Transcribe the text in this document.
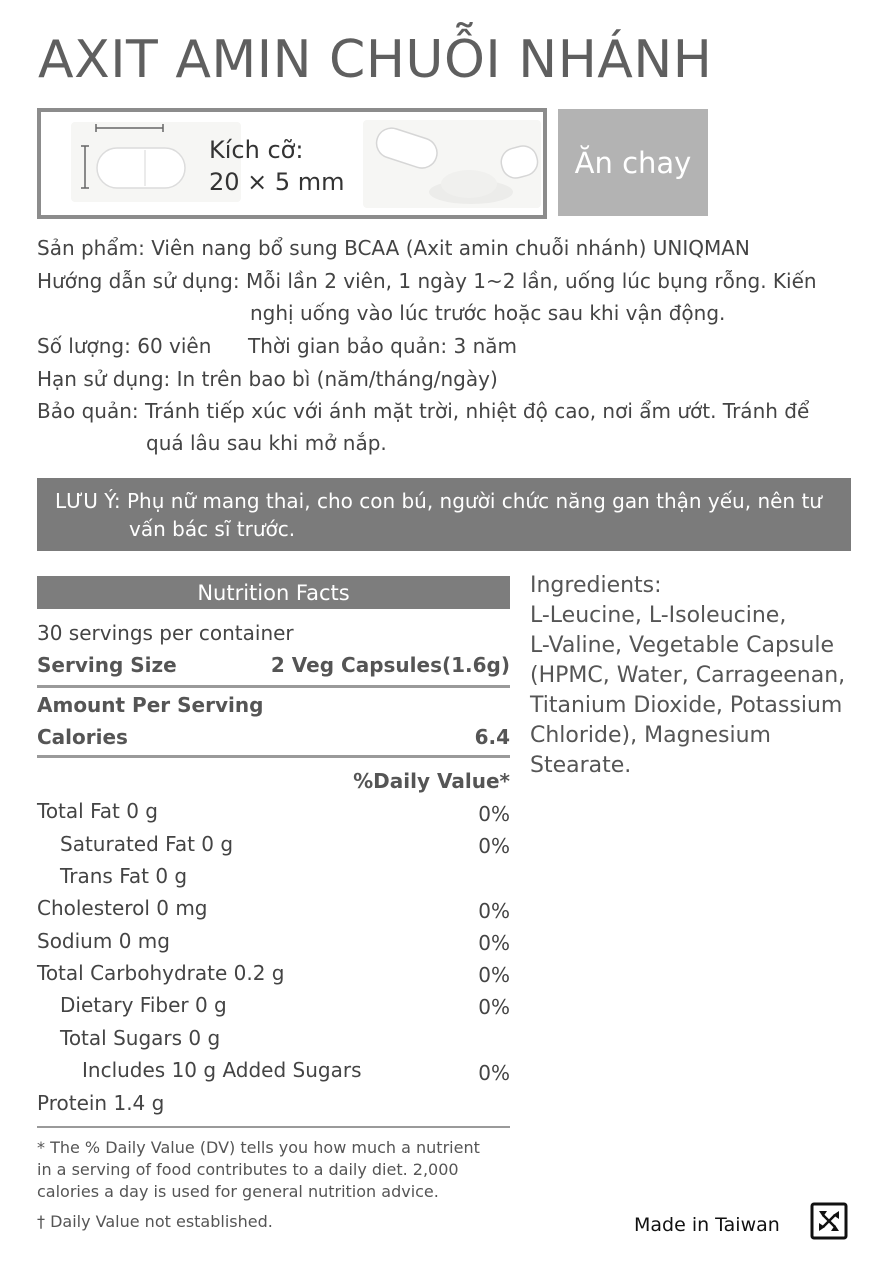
AXIT AMIN CHUỖI NHÁNH
Kích cỡ:
20 × 5 mm
Ăn chay
Sản phẩm: Viên nang bổ sung BCAA (Axit amin chuỗi nhánh) UNIQMAN
Hướng dẫn sử dụng: Mỗi lần 2 viên, 1 ngày 1~2 lần, uống lúc bụng rỗng. Kiến
nghị uống vào lúc trước hoặc sau khi vận động.
Số lượng: 60 viên Thời gian bảo quản: 3 năm
Hạn sử dụng: In trên bao bì (năm/tháng/ngày)
Bảo quản: Tránh tiếp xúc với ánh mặt trời, nhiệt độ cao, nơi ẩm ướt. Tránh để
quá lâu sau khi mở nắp.
LƯU Ý: Phụ nữ mang thai, cho con bú, người chức năng gan thận yếu, nên tư
vấn bác sĩ trước.
Nutrition Facts
30 servings per container
Serving Size	2 Veg Capsules(1.6g)
Amount Per Serving
Calories	6.4
%Daily Value*
Total Fat 0 g	0%
Saturated Fat 0 g	0%
Trans Fat 0 g
Cholesterol 0 mg	0%
Sodium 0 mg	0%
Total Carbohydrate 0.2 g	0%
Dietary Fiber 0 g	0%
Total Sugars 0 g
Includes 10 g Added Sugars	0%
Protein 1.4 g
* The % Daily Value (DV) tells you how much a nutrient
in a serving of food contributes to a daily diet. 2,000
calories a day is used for general nutrition advice.
† Daily Value not established.
Ingredients:
L-Leucine, L-Isoleucine,
L-Valine, Vegetable Capsule
(HPMC, Water, Carrageenan,
Titanium Dioxide, Potassium
Chloride), Magnesium
Stearate.
Made in Taiwan
